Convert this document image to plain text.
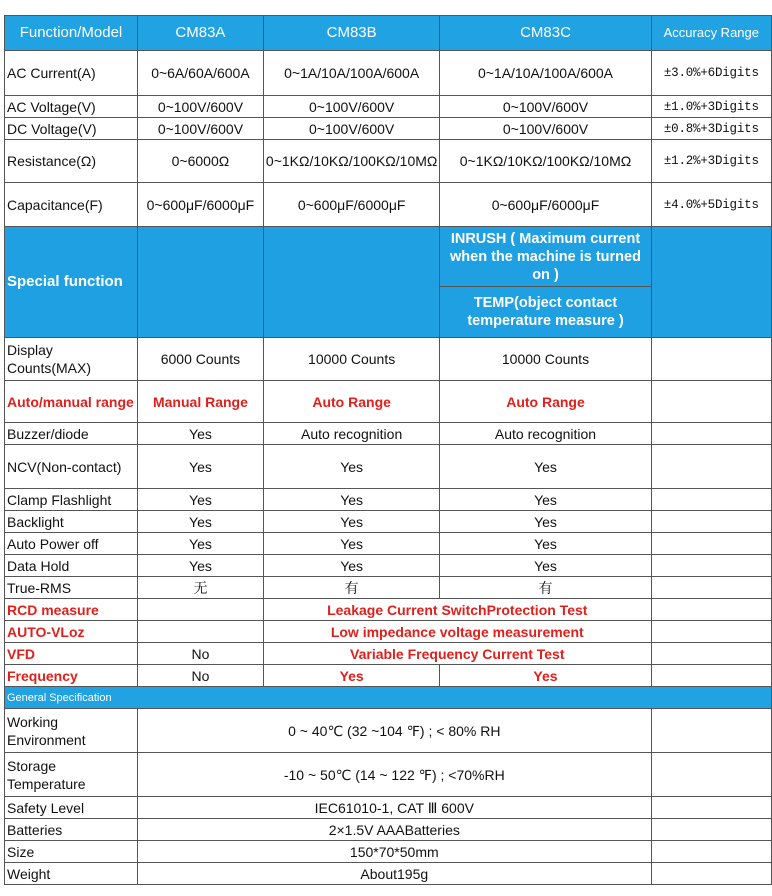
Function/Model	CM83A	CM83B	CM83C	Accuracy Range
AC Current(A)	0~6A/60A/600A	0~1A/10A/100A/600A	0~1A/10A/100A/600A	±3.0%+6Digits
AC Voltage(V)	0~100V/600V	0~100V/600V	0~100V/600V	±1.0%+3Digits
DC Voltage(V)	0~100V/600V	0~100V/600V	0~100V/600V	±0.8%+3Digits
Resistance(Ω)	0~6000Ω	0~1KΩ/10KΩ/100KΩ/10MΩ	0~1KΩ/10KΩ/100KΩ/10MΩ	±1.2%+3Digits
Capacitance(F)	0~600μF/6000μF	0~600μF/6000μF	0~600μF/6000μF	±4.0%+5Digits
Special function			INRUSH ( Maximum current when the machine is turned on )	
			TEMP(object contact temperature measure )	
Display Counts(MAX)	6000 Counts	10000 Counts	10000 Counts	
Auto/manual range	Manual Range	Auto Range	Auto Range	
Buzzer/diode	Yes	Auto recognition	Auto recognition	
NCV(Non-contact)	Yes	Yes	Yes	
Clamp Flashlight	Yes	Yes	Yes	
Backlight	Yes	Yes	Yes	
Auto Power off	Yes	Yes	Yes	
Data Hold	Yes	Yes	Yes	
True-RMS	无	有	有	
RCD measure		Leakage Current SwitchProtection Test		
AUTO-VLoz		Low impedance voltage measurement		
VFD	No	Variable Frequency Current Test		
Frequency	No	Yes	Yes	
General Specification				
Working Environment	0 ~ 40℃ (32 ~104 ℉) ; < 80% RH			
Storage Temperature	-10 ~ 50℃ (14 ~ 122 ℉) ; <70%RH			
Safety Level	IEC61010-1, CAT Ⅲ 600V			
Batteries	2×1.5V AAABatteries			
Size	150*70*50mm			
Weight	About195g			
